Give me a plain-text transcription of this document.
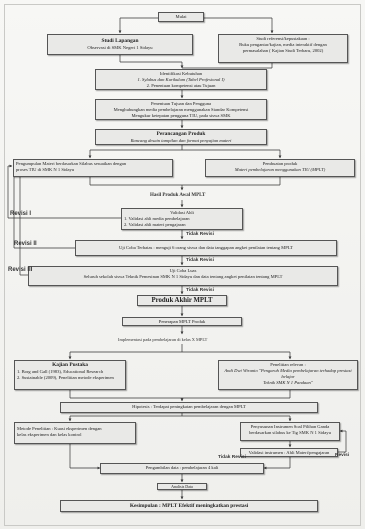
Mulai
Studi Lapangan
Observasi di SMK Negeri 1 Sidayu
Studi referensi/kepustakaan :
Buku pengantar/kajian, media interaktif dengan
permasalahan ( Kajian Studi Terbaru, 2002)
Identifikasi Kebutuhan
1. Sylabus dan Kurikulum (Tabel Profesional I)
2. Penentuan kompetensi atau Tujuan
Penentuan Tujuan dan Pengguna
Menghubungkan media pembelajaran menggunakan Standar Kompetensi
Mengukur ketepatan pengguna TIU, pada siswa SMK
Perancangan Produk
Rancang desain tampilan dan format penyajian materi
Pengumpulan Materi berdasarkan Silabus sesuaikan dengan
proses TIU di SMK N 1 Sidayu
Pembuatan produk
Materi pembelajaran menggunakan TIU (MPLT)
Hasil Produk Awal MPLT
Validasi Ahli
1. Validasi ahli media pembelajaran
2. Validasi ahli materi pengajaran
Uji Coba Terbatas : menguji 6 orang siswa dan data tanggapan angket penilaian tentang MPLT
Uji Coba Luas
Seluruh sekolah siswa Teknik Pemesinan SMK N 1 Sidayu dan data tentang angket penilaian tentang MPLT
Produk Akhir MPLT
Penerapan MPLT Produk
Implementasi pada pembelajaran di kelas X MPLT
Kajian Pustaka
1. Borg and Gall (1983), Educational Research
2. Sustainable (2009), Penelitian metode eksperimen
Penelitian relevan :
Andi Dwi Wiranto "Pengaruh Media pembelajaran terhadap prestasi belajar
Teknik SMK N 1 Pandaan"
Hipotesis : Terdapat peningkatan pembelajaran dengan MPLT
Metode Penelitian : Kuasi eksperimen dengan
kelas eksperimen dan kelas kontrol
Penyusunan Instrumen Soal Pilihan Ganda
berdasarkan silabus ke Tig SMK N 1 Sidayu
Validasi instrumen : Ahli Materi/pengajaran
Pengambilan data : pembelajaran 4 kali
Analisis Data
Kesimpulan : MPLT Efektif meningkatkan prestasi
Revisi I
Revisi II
Revisi III
Revisi
Tidak Revisi
Tidak Revisi
Tidak Revisi
Tidak Revisi
